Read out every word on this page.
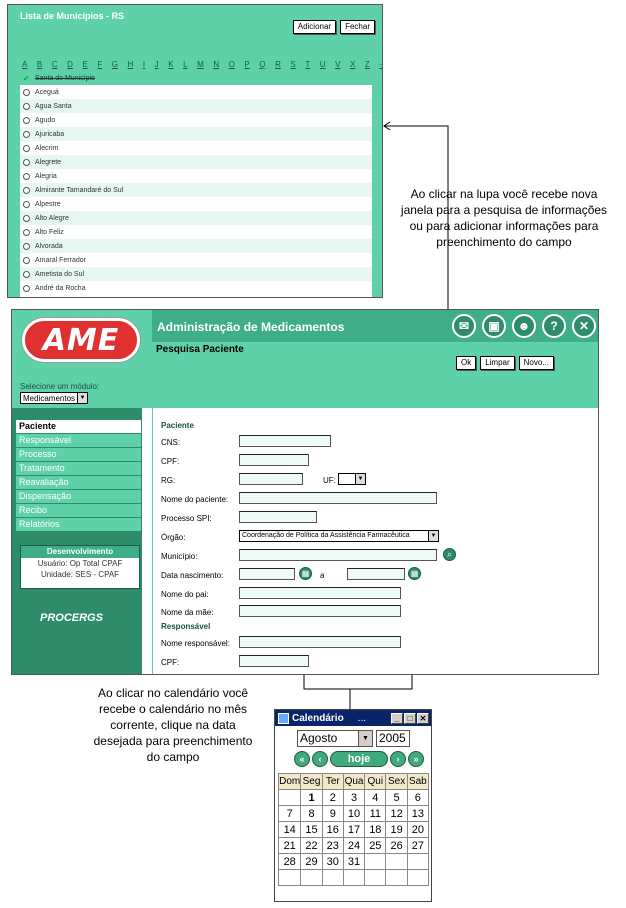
Lista de Municípios - RS
Adicionar	Fechar
A B C D E F G H I J K L M N O P Q R S T U V X Z -
✔ Santa do Município
Aceguá
Agua Santa
Agudo
Ajuricaba
Alecrim
Alegrete
Alegria
Almirante Tamandaré do Sul
Alpestre
Alto Alegre
Alto Feliz
Alvorada
Amaral Ferrador
Ametista do Sul
André da Rocha
Ao clicar na lupa você recebe nova
janela para a pesquisa de informações
ou para adicionar informações para
preenchimento do campo
Ao clicar no calendário você
recebe o calendário no mês
corrente, clique na data
desejada para preenchimento
do campo
AME	Administração de Medicamentos
Pesquisa Paciente
✉	▣	☻	?	✕
Ok	Limpar	Novo...
Selecione um módulo:
Medicamentos ▼
Paciente
Responsável
Processo
Tratamento
Reavaliação
Dispensação
Recibo
Relatórios
Desenvolvimento
Usuário: Op Total CPAF
Unidade: SES - CPAF
PROCERGS
Paciente
CNS:
CPF:
RG:	UF:	▼
Nome do paciente:
Processo SPI:
Órgão:	Coordenação de Política da Assistência Farmacêutica	▼
Município:	⌕
Data nascimento:	▦	a	▦
Nome do pai:
Nome da mãe:
Responsável
Nome responsável:
CPF:
Calendário ...	_	□ ✕
Agosto	▼ 2005
«	‹	hoje	›	»
Dom	Seg	Ter	Qua	Qui	Sex	Sab
	1	2	3	4	5	6
7	8	9	10	11	12	13
14	15	16	17	18	19	20
21	22	23	24	25	26	27
28	29	30	31			
